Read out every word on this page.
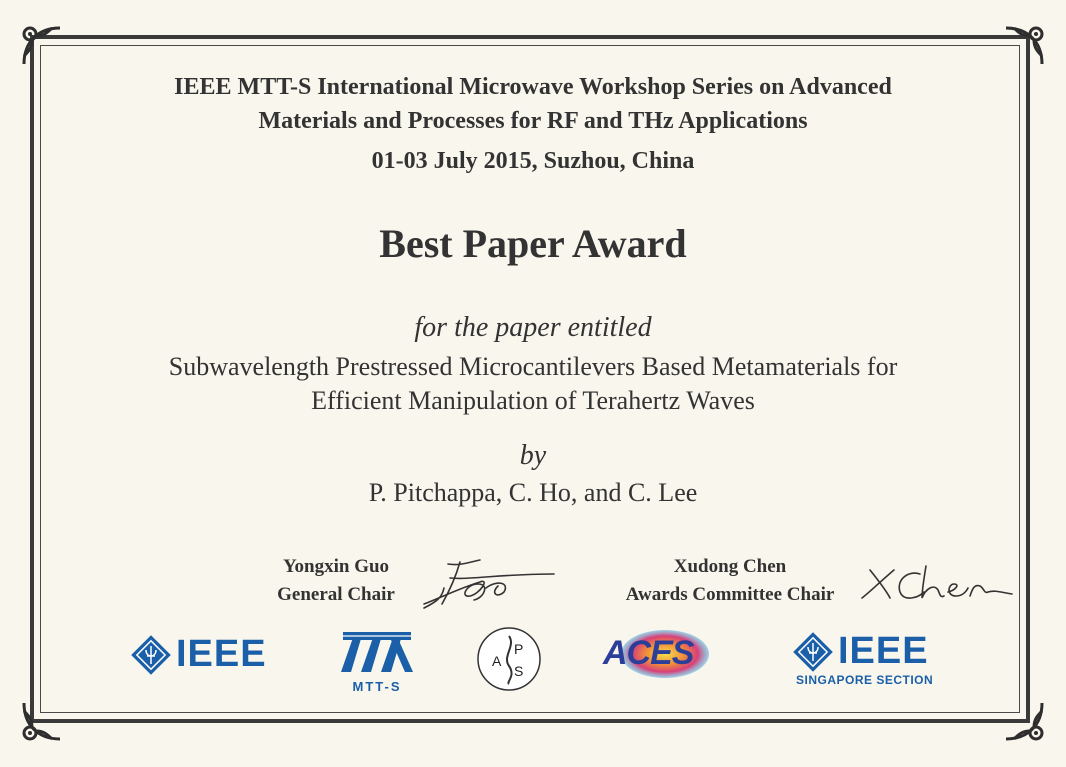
IEEE MTT-S International Microwave Workshop Series on Advanced
Materials and Processes for RF and THz Applications
01-03 July 2015, Suzhou, China
Best Paper Award
for the paper entitled
Subwavelength Prestressed Microcantilevers Based Metamaterials for
Efficient Manipulation of Terahertz Waves
by
P. Pitchappa, C. Ho, and C. Lee
Yongxin Guo
General Chair
Xudong Chen
Awards Committee Chair
IEEE
MTT-S
A
P
S ACES	IEEE
SINGAPORE SECTION
